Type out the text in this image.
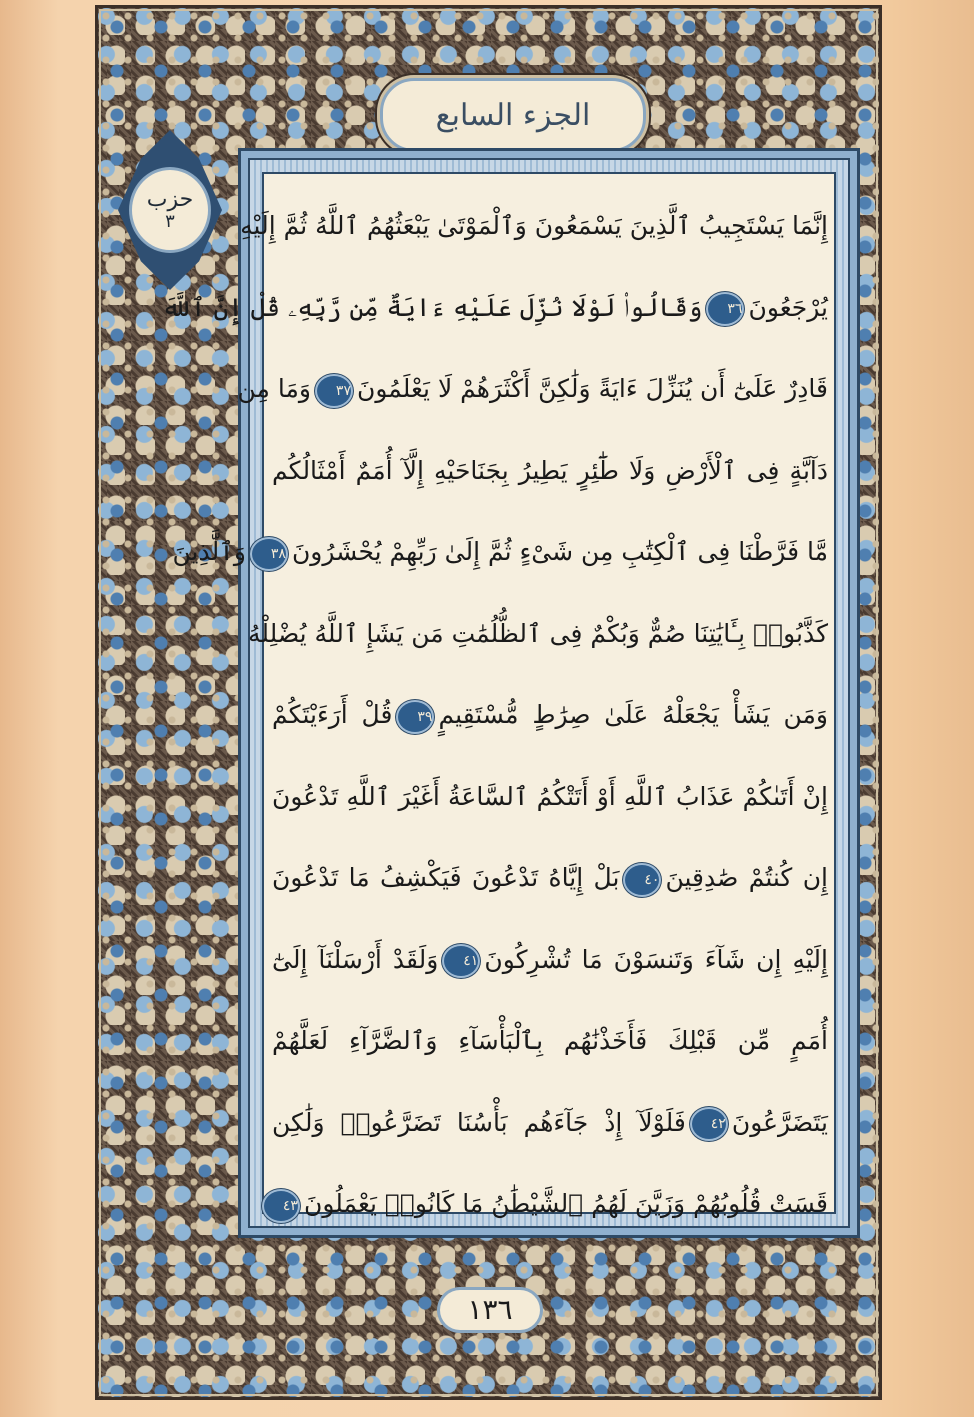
الجزء السابع
حزب
٣	إِنَّمَا يَسْتَجِيبُ ٱلَّذِينَ يَسْمَعُونَ وَٱلْمَوْتَىٰ يَبْعَثُهُمُ ٱللَّهُ ثُمَّ إِلَيْهِ
يُرْجَعُونَ٣٦وَقَالُوا۟ لَوْلَا نُزِّلَ عَلَيْهِ ءَايَةٌ مِّن رَّبِّهِۦ قُلْ إِنَّ ٱللَّهَ
قَادِرٌ عَلَىٰٓ أَن يُنَزِّلَ ءَايَةً وَلَٰكِنَّ أَكْثَرَهُمْ لَا يَعْلَمُونَ٣٧وَمَا مِن
دَآبَّةٍ فِى ٱلْأَرْضِ وَلَا طَٰٓئِرٍ يَطِيرُ بِجَنَاحَيْهِ إِلَّآ أُمَمٌ أَمْثَالُكُم
مَّا فَرَّطْنَا فِى ٱلْكِتَٰبِ مِن شَىْءٍ ثُمَّ إِلَىٰ رَبِّهِمْ يُحْشَرُونَ٣٨وَٱلَّذِينَ
كَذَّبُوا۟ بِـَٔايَٰتِنَا صُمٌّ وَبُكْمٌ فِى ٱلظُّلُمَٰتِ مَن يَشَإِ ٱللَّهُ يُضْلِلْهُ
وَمَن يَشَأْ يَجْعَلْهُ عَلَىٰ صِرَٰطٍ مُّسْتَقِيمٍ٣٩قُلْ أَرَءَيْتَكُمْ
إِنْ أَتَىٰكُمْ عَذَابُ ٱللَّهِ أَوْ أَتَتْكُمُ ٱلسَّاعَةُ أَغَيْرَ ٱللَّهِ تَدْعُونَ
إِن كُنتُمْ صَٰدِقِينَ٤٠بَلْ إِيَّاهُ تَدْعُونَ فَيَكْشِفُ مَا تَدْعُونَ
إِلَيْهِ إِن شَآءَ وَتَنسَوْنَ مَا تُشْرِكُونَ٤١وَلَقَدْ أَرْسَلْنَآ إِلَىٰٓ
أُمَمٍ مِّن قَبْلِكَ فَأَخَذْنَٰهُم بِٱلْبَأْسَآءِ وَٱلضَّرَّآءِ لَعَلَّهُمْ
يَتَضَرَّعُونَ٤٢فَلَوْلَآ إِذْ جَآءَهُم بَأْسُنَا تَضَرَّعُوا۟ وَلَٰكِن
قَسَتْ قُلُوبُهُمْ وَزَيَّنَ لَهُمُ ٱلشَّيْطَٰنُ مَا كَانُوا۟ يَعْمَلُونَ٤٣
١٣٦
